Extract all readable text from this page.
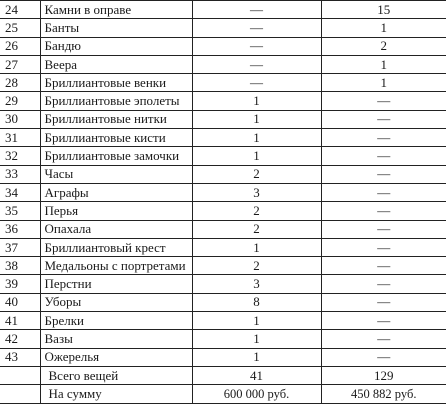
24	Камни в оправе	—	15
25	Банты	—	1
26	Бандю	—	2
27	Веера	—	1
28	Бриллиантовые венки	—	1
29	Бриллиантовые эполеты	1	—
30	Бриллиантовые нитки	1	—
31	Бриллиантовые кисти	1	—
32	Бриллиантовые замочки	1	—
33	Часы	2	—
34	Аграфы	3	—
35	Перья	2	—
36	Опахала	2	—
37	Бриллиантовый крест	1	—
38	Медальоны с портретами	2	—
39	Перстни	3	—
40	Уборы	8	—
41	Брелки	1	—
42	Вазы	1	—
43	Ожерелья	1	—
	Всего вещей	41	129
	На сумму	600 000 руб.	450 882 руб.
